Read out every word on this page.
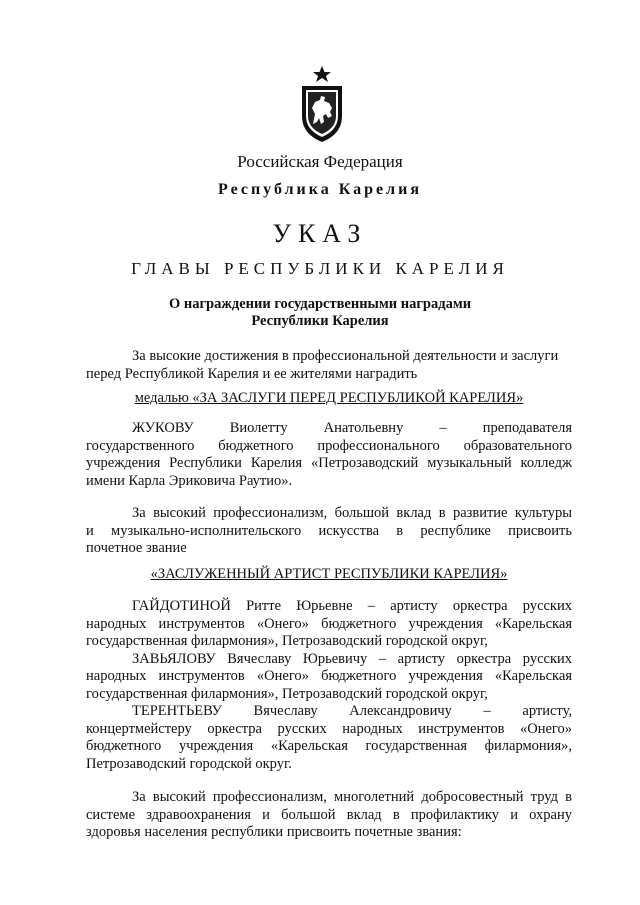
Российская Федерация
Республика Карелия
УКАЗ
ГЛАВЫ РЕСПУБЛИКИ КАРЕЛИЯ
О награждении государственными наградами
Республики Карелия
За высокие достижения в профессиональной деятельности и заслуги
перед Республикой Карелия и ее жителями наградить
медалью «ЗА ЗАСЛУГИ ПЕРЕД РЕСПУБЛИКОЙ КАРЕЛИЯ»
ЖУКОВУ Виолетту Анатольевну – преподавателя
государственного бюджетного профессионального образовательного
учреждения Республики Карелия «Петрозаводский музыкальный колледж
имени Карла Эриковича Раутио».
За высокий профессионализм, большой вклад в развитие культуры
и музыкально-исполнительского искусства в республике присвоить
почетное звание
«ЗАСЛУЖЕННЫЙ АРТИСТ РЕСПУБЛИКИ КАРЕЛИЯ»
ГАЙДОТИНОЙ Ритте Юрьевне – артисту оркестра русских
народных инструментов «Онего» бюджетного учреждения «Карельская
государственная филармония», Петрозаводский городской округ,
ЗАВЬЯЛОВУ Вячеславу Юрьевичу – артисту оркестра русских
народных инструментов «Онего» бюджетного учреждения «Карельская
государственная филармония», Петрозаводский городской округ,
ТЕРЕНТЬЕВУ Вячеславу Александровичу – артисту,
концертмейстеру оркестра русских народных инструментов «Онего»
бюджетного учреждения «Карельская государственная филармония»,
Петрозаводский городской округ.
За высокий профессионализм, многолетний добросовестный труд в
системе здравоохранения и большой вклад в профилактику и охрану
здоровья населения республики присвоить почетные звания:
